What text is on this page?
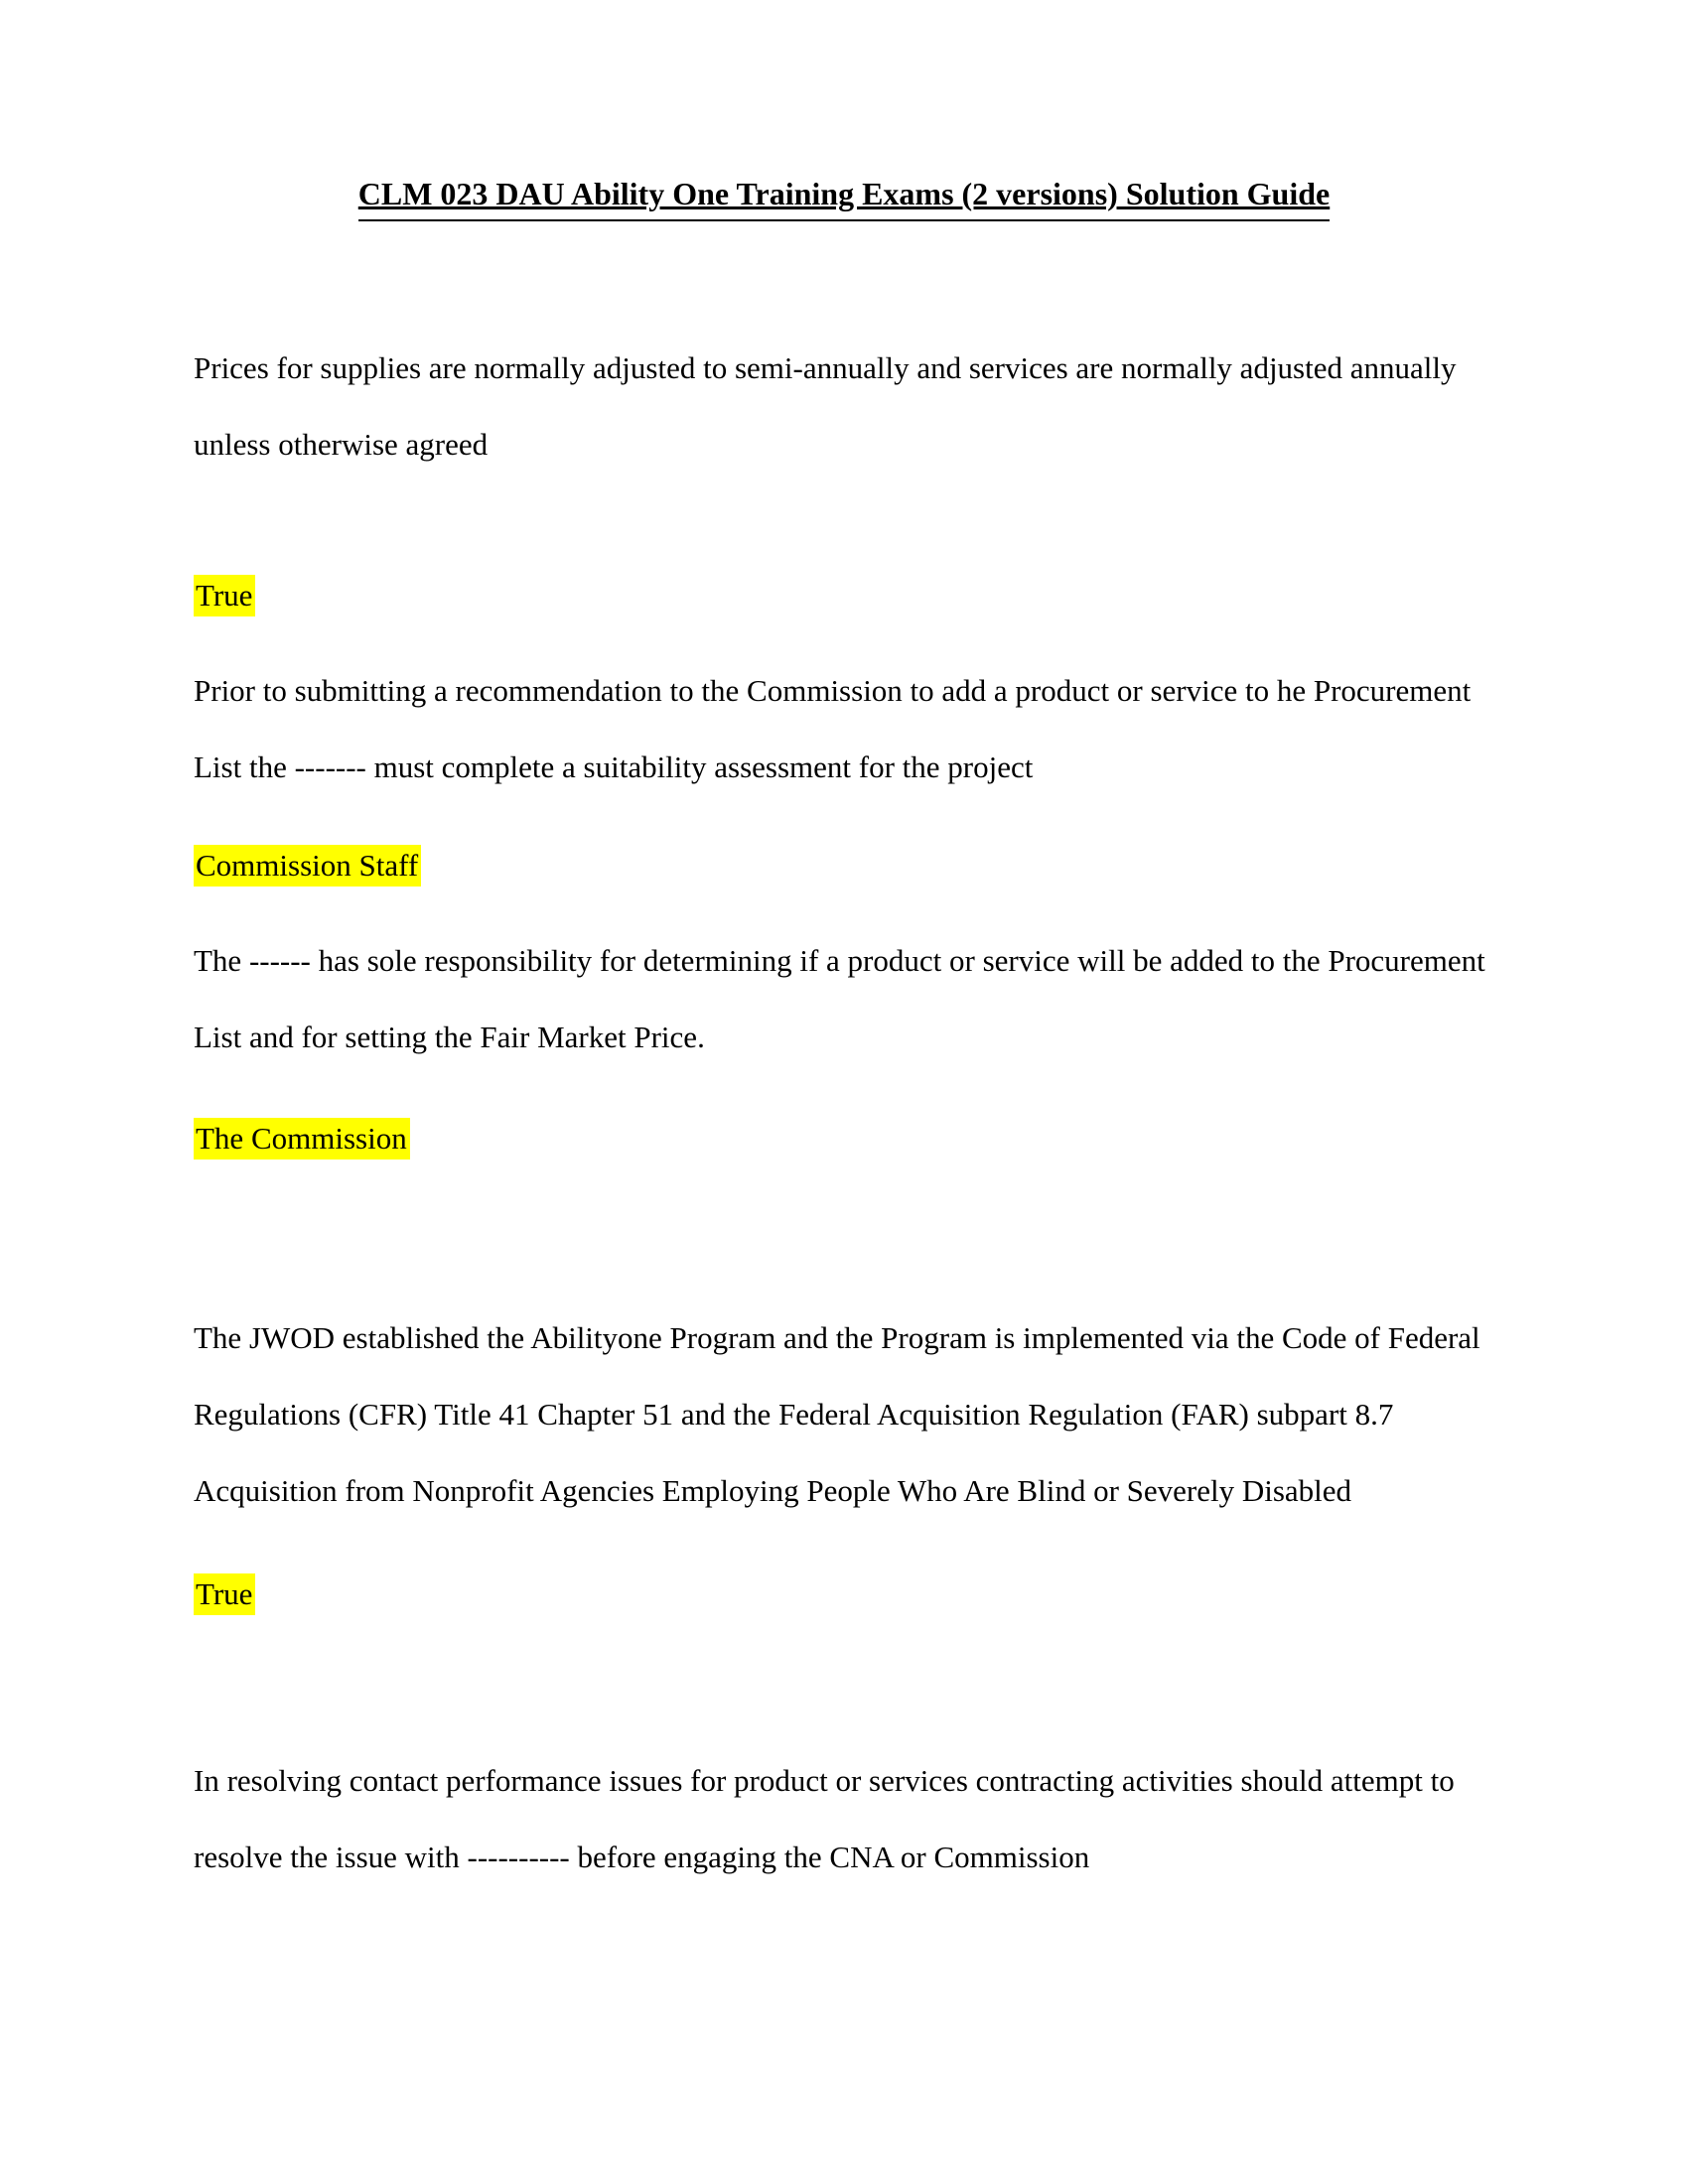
CLM 023 DAU Ability One Training Exams (2 versions) Solution Guide

Prices for supplies are normally adjusted to semi-annually and services are normally adjusted annually unless otherwise agreed

True

Prior to submitting a recommendation to the Commission to add a product or service to he Procurement List the ------- must complete a suitability assessment for the project

Commission Staff

The ------ has sole responsibility for determining if a product or service will be added to the Procurement List and for setting the Fair Market Price.

The Commission

The JWOD established the Abilityone Program and the Program is implemented via the Code of Federal Regulations (CFR) Title 41 Chapter 51 and the Federal Acquisition Regulation (FAR) subpart 8.7 Acquisition from Nonprofit Agencies Employing People Who Are Blind or Severely Disabled

True

In resolving contact performance issues for product or services contracting activities should attempt to resolve the issue with ---------- before engaging the CNA or Commission
